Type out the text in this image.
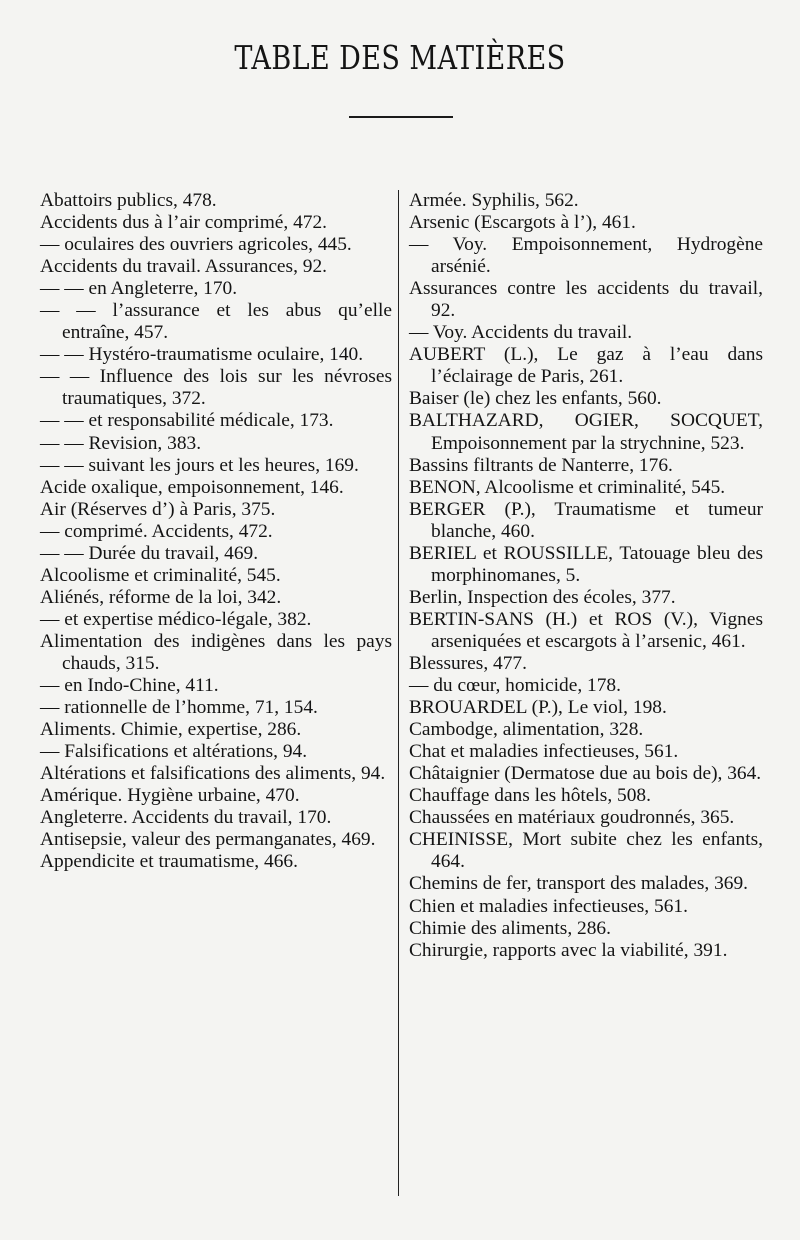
TABLE DES MATIÈRES

Abattoirs publics, 478.

Accidents dus à l’air comprimé, 472.

— oculaires des ouvriers agricoles, 445.

Accidents du travail. Assurances, 92.

— — en Angleterre, 170.

— — l’assurance et les abus qu’elle entraîne, 457.

— — Hystéro-traumatisme oculaire, 140.

— — Influence des lois sur les névroses traumatiques, 372.

— — et responsabilité médicale, 173.

— — Revision, 383.

— — suivant les jours et les heures, 169.

Acide oxalique, empoisonnement, 146.

Air (Réserves d’) à Paris, 375.

— comprimé. Accidents, 472.

— — Durée du travail, 469.

Alcoolisme et criminalité, 545.

Aliénés, réforme de la loi, 342.

— et expertise médico-légale, 382.

Alimentation des indigènes dans les pays chauds, 315.

— en Indo-Chine, 411.

— rationnelle de l’homme, 71, 154.

Aliments. Chimie, expertise, 286.

— Falsifications et altérations, 94.

Altérations et falsifications des aliments, 94.

Amérique. Hygiène urbaine, 470.

Angleterre. Accidents du travail, 170.

Antisepsie, valeur des permanganates, 469.

Appendicite et traumatisme, 466.

Armée. Syphilis, 562.

Arsenic (Escargots à l’), 461.

— Voy. Empoisonnement, Hydrogène arsénié.

Assurances contre les accidents du travail, 92.

— Voy. Accidents du travail.

AUBERT (L.), Le gaz à l’eau dans l’éclairage de Paris, 261.

Baiser (le) chez les enfants, 560.

BALTHAZARD, OGIER, SOCQUET, Empoisonnement par la strychnine, 523.

Bassins filtrants de Nanterre, 176.

BENON, Alcoolisme et criminalité, 545.

BERGER (P.), Traumatisme et tumeur blanche, 460.

BERIEL et ROUSSILLE, Tatouage bleu des morphinomanes, 5.

Berlin, Inspection des écoles, 377.

BERTIN-SANS (H.) et ROS (V.), Vignes arseniquées et escargots à l’arsenic, 461.

Blessures, 477.

— du cœur, homicide, 178.

BROUARDEL (P.), Le viol, 198.

Cambodge, alimentation, 328.

Chat et maladies infectieuses, 561.

Châtaignier (Dermatose due au bois de), 364.

Chauffage dans les hôtels, 508.

Chaussées en matériaux goudronnés, 365.

CHEINISSE, Mort subite chez les enfants, 464.

Chemins de fer, transport des malades, 369.

Chien et maladies infectieuses, 561.

Chimie des aliments, 286.

Chirurgie, rapports avec la viabilité, 391.
